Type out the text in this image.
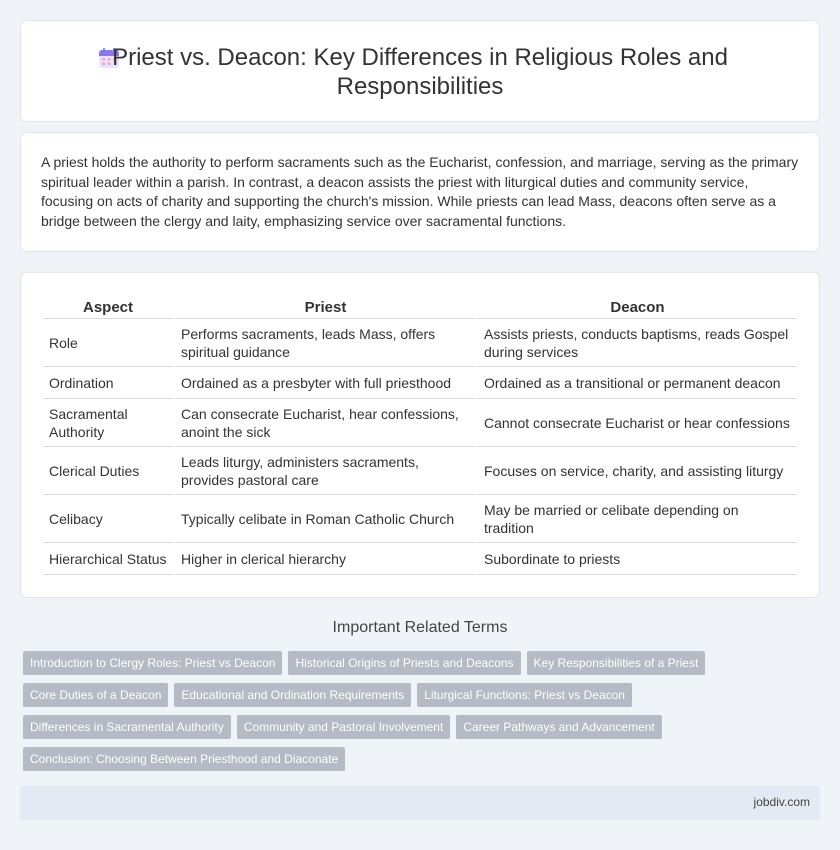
Priest vs. Deacon: Key Differences in Religious Roles and Responsibilities

A priest holds the authority to perform sacraments such as the Eucharist, confession, and marriage, serving as the primary spiritual leader within a parish. In contrast, a deacon assists the priest with liturgical duties and community service, focusing on acts of charity and supporting the church's mission. While priests can lead Mass, deacons often serve as a bridge between the clergy and laity, emphasizing service over sacramental functions.

Aspect	Priest	Deacon
Role	Performs sacraments, leads Mass, offers spiritual guidance	Assists priests, conducts baptisms, reads Gospel during services
Ordination	Ordained as a presbyter with full priesthood	Ordained as a transitional or permanent deacon
Sacramental Authority	Can consecrate Eucharist, hear confessions, anoint the sick	Cannot consecrate Eucharist or hear confessions
Clerical Duties	Leads liturgy, administers sacraments, provides pastoral care	Focuses on service, charity, and assisting liturgy
Celibacy	Typically celibate in Roman Catholic Church	May be married or celibate depending on tradition
Hierarchical Status	Higher in clerical hierarchy	Subordinate to priests
Important Related Terms
Introduction to Clergy Roles: Priest vs Deacon Historical Origins of Priests and Deacons Key Responsibilities of a Priest
Core Duties of a Deacon Educational and Ordination Requirements Liturgical Functions: Priest vs Deacon
Differences in Sacramental Authority Community and Pastoral Involvement Career Pathways and Advancement
Conclusion: Choosing Between Priesthood and Diaconate
jobdiv.com
